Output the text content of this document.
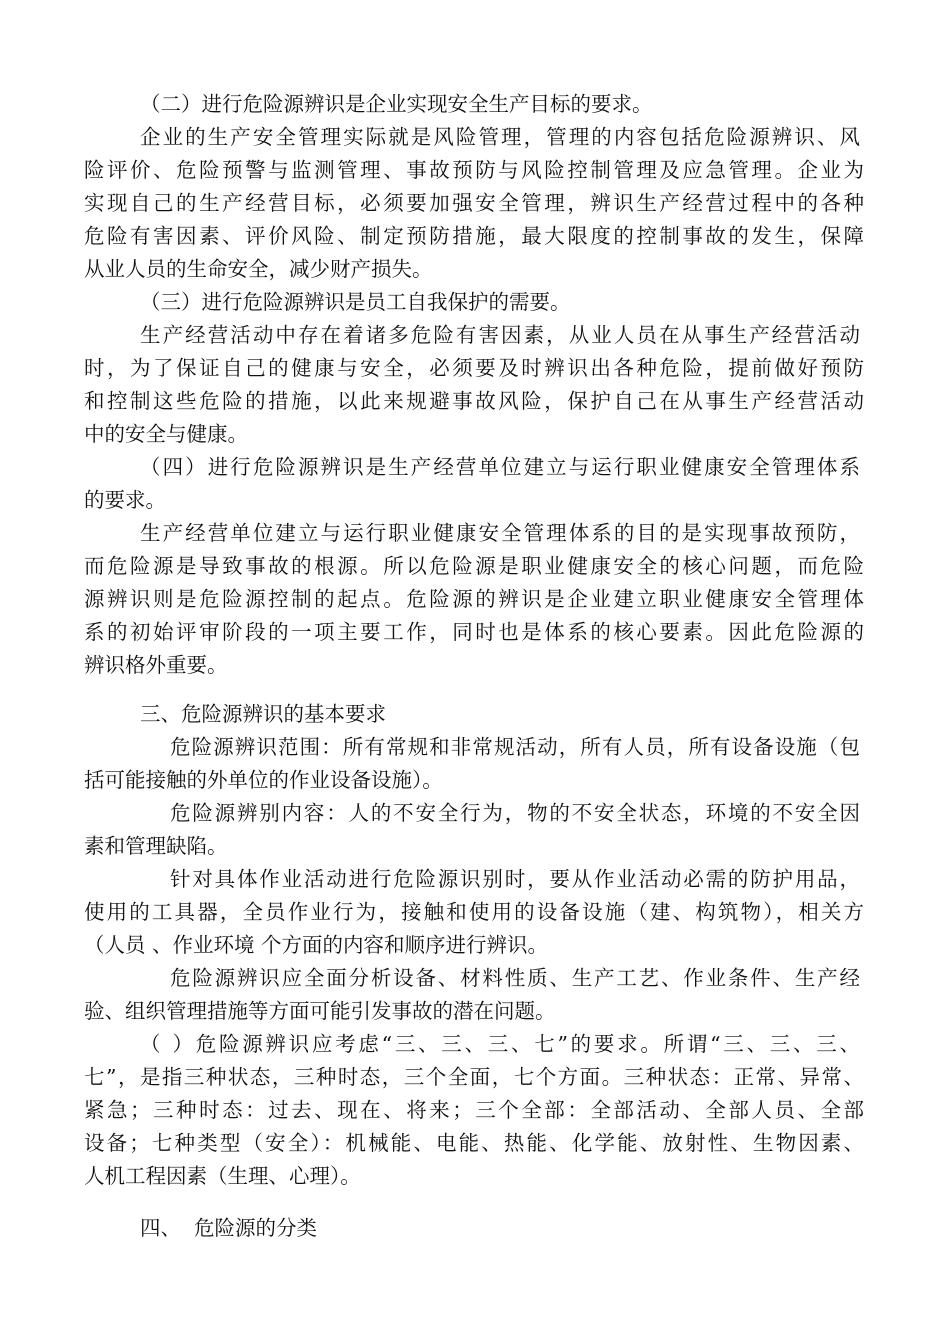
（二）进行危险源辨识是企业实现安全生产目标的要求。
企业的生产安全管理实际就是风险管理，管理的内容包括危险源辨识、风
险评价、危险预警与监测管理、事故预防与风险控制管理及应急管理。企业为
实现自己的生产经营目标，必须要加强安全管理，辨识生产经营过程中的各种
危险有害因素、评价风险、制定预防措施，最大限度的控制事故的发生，保障
从业人员的生命安全，减少财产损失。
（三）进行危险源辨识是员工自我保护的需要。
生产经营活动中存在着诸多危险有害因素，从业人员在从事生产经营活动
时，为了保证自己的健康与安全，必须要及时辨识出各种危险，提前做好预防
和控制这些危险的措施，以此来规避事故风险，保护自己在从事生产经营活动
中的安全与健康。
（四）进行危险源辨识是生产经营单位建立与运行职业健康安全管理体系
的要求。
生产经营单位建立与运行职业健康安全管理体系的目的是实现事故预防，
而危险源是导致事故的根源。所以危险源是职业健康安全的核心问题，而危险
源辨识则是危险源控制的起点。危险源的辨识是企业建立职业健康安全管理体
系的初始评审阶段的一项主要工作，同时也是体系的核心要素。因此危险源的
辨识格外重要。
三、危险源辨识的基本要求
危险源辨识范围：所有常规和非常规活动，所有人员，所有设备设施（包
括可能接触的外单位的作业设备设施）。
危险源辨别内容：人的不安全行为，物的不安全状态，环境的不安全因
素和管理缺陷。
针对具体作业活动进行危险源识别时，要从作业活动必需的防护用品，
使用的工具器，全员作业行为，接触和使用的设备设施（建、构筑物），相关方
（人员 、作业环境 个方面的内容和顺序进行辨识。
危险源辨识应全面分析设备、材料性质、生产工艺、作业条件、生产经
验、组织管理措施等方面可能引发事故的潜在问题。
（ ）危险源辨识应考虑“三、三、三、七”的要求。所谓“三、三、三、
七”，是指三种状态，三种时态，三个全面，七个方面。三种状态：正常、异常、
紧急；三种时态：过去、现在、将来；三个全部：全部活动、全部人员、全部
设备；七种类型（安全）：机械能、电能、热能、化学能、放射性、生物因素、
人机工程因素（生理、心理）。
四、  危险源的分类
